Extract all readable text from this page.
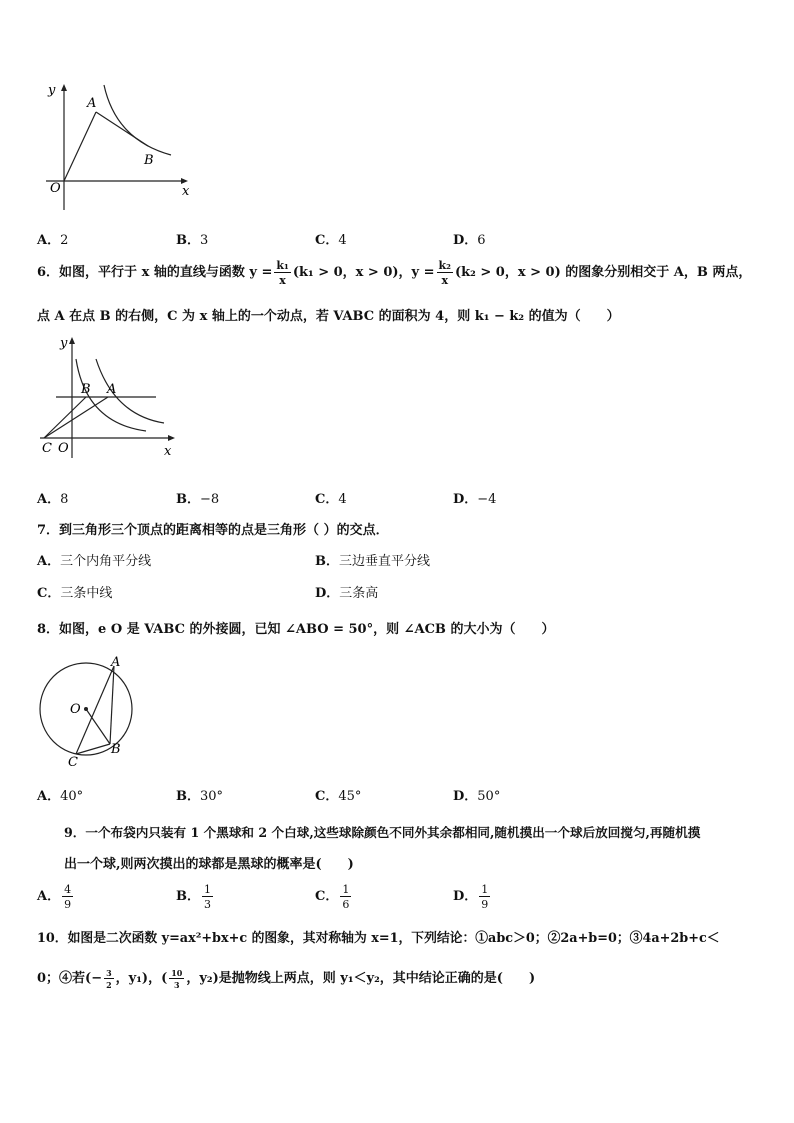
y
x
O
A
B
A．2	B．3	C．4	D．6
6．如图，平行于 x 轴的直线与函数 $y = \frac{\text{k₁}}{x} (k_1 > 0$，x > 0)，$y = \frac{\text{k₂}}{x} (k_2 > 0$，x > 0) 的图象分别相交于 A，B 两点，
点 A 在点 B 的右侧，C 为 x 轴上的一个动点，若 VABC 的面积为 4，则 k₁ − k₂ 的值为（　　）
y
x
C O
B A
A．8	B．−8	C．4	D．−4
7．到三角形三个顶点的距离相等的点是三角形（ ）的交点．
A．三个内角平分线	B．三边垂直平分线
C．三条中线	D．三条高
8．如图，e O 是 VABC 的外接圆，已知 ∠ABO = 50°，则 ∠ACB 的大小为（　　）
A
O
B
C
A．40°	B．30°	C．45°	D．50°
9．一个布袋内只装有 1 个黑球和 2 个白球,这些球除颜色不同外其余都相同,随机摸出一个球后放回搅匀,再随机摸
出一个球,则两次摸出的球都是黑球的概率是(　　)
A． $\frac{4}{9}$	B． $\frac{1}{3}$	C． $\frac{1}{6}$	D． $\frac{1}{9}$
10．如图是二次函数 y=ax²+bx+c 的图象，其对称轴为 x=1，下列结论：①abc＞0；②2a+b=0；③4a+2b+c＜
0；④若(− $\frac{3}{2}$ ，y₁)，( $\frac{10}{3}$ ，y₂)是抛物线上两点，则 y₁＜y₂，其中结论正确的是(　　)
